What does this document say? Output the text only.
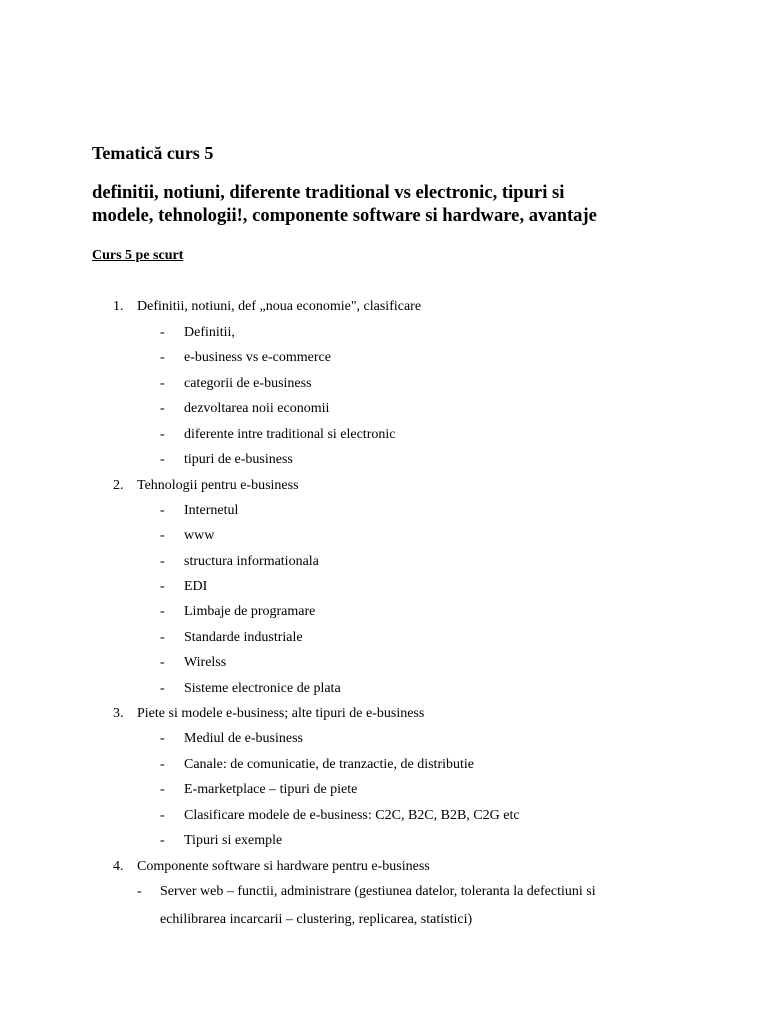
Tematică curs 5
definitii, notiuni, diferente traditional vs electronic, tipuri si
modele, tehnologii!, componente software si hardware, avantaje
Curs 5 pe scurt
1. Definitii, notiuni, def „noua economie", clasificare
- Definitii,
- e-business vs e-commerce
- categorii de e-business
- dezvoltarea noii economii
- diferente intre traditional si electronic
- tipuri de e-business
2. Tehnologii pentru e-business
- Internetul
- www
- structura informationala
- EDI
- Limbaje de programare
- Standarde industriale
- Wirelss
- Sisteme electronice de plata
3. Piete si modele e-business; alte tipuri de e-business
- Mediul de e-business
- Canale: de comunicatie, de tranzactie, de distributie
- E-marketplace – tipuri de piete
- Clasificare modele de e-business: C2C, B2C, B2B, C2G etc
- Tipuri si exemple
4. Componente software si hardware pentru e-business
- Server web – functii, administrare (gestiunea datelor, toleranta la defectiuni si
echilibrarea incarcarii – clustering, replicarea, statistici)
